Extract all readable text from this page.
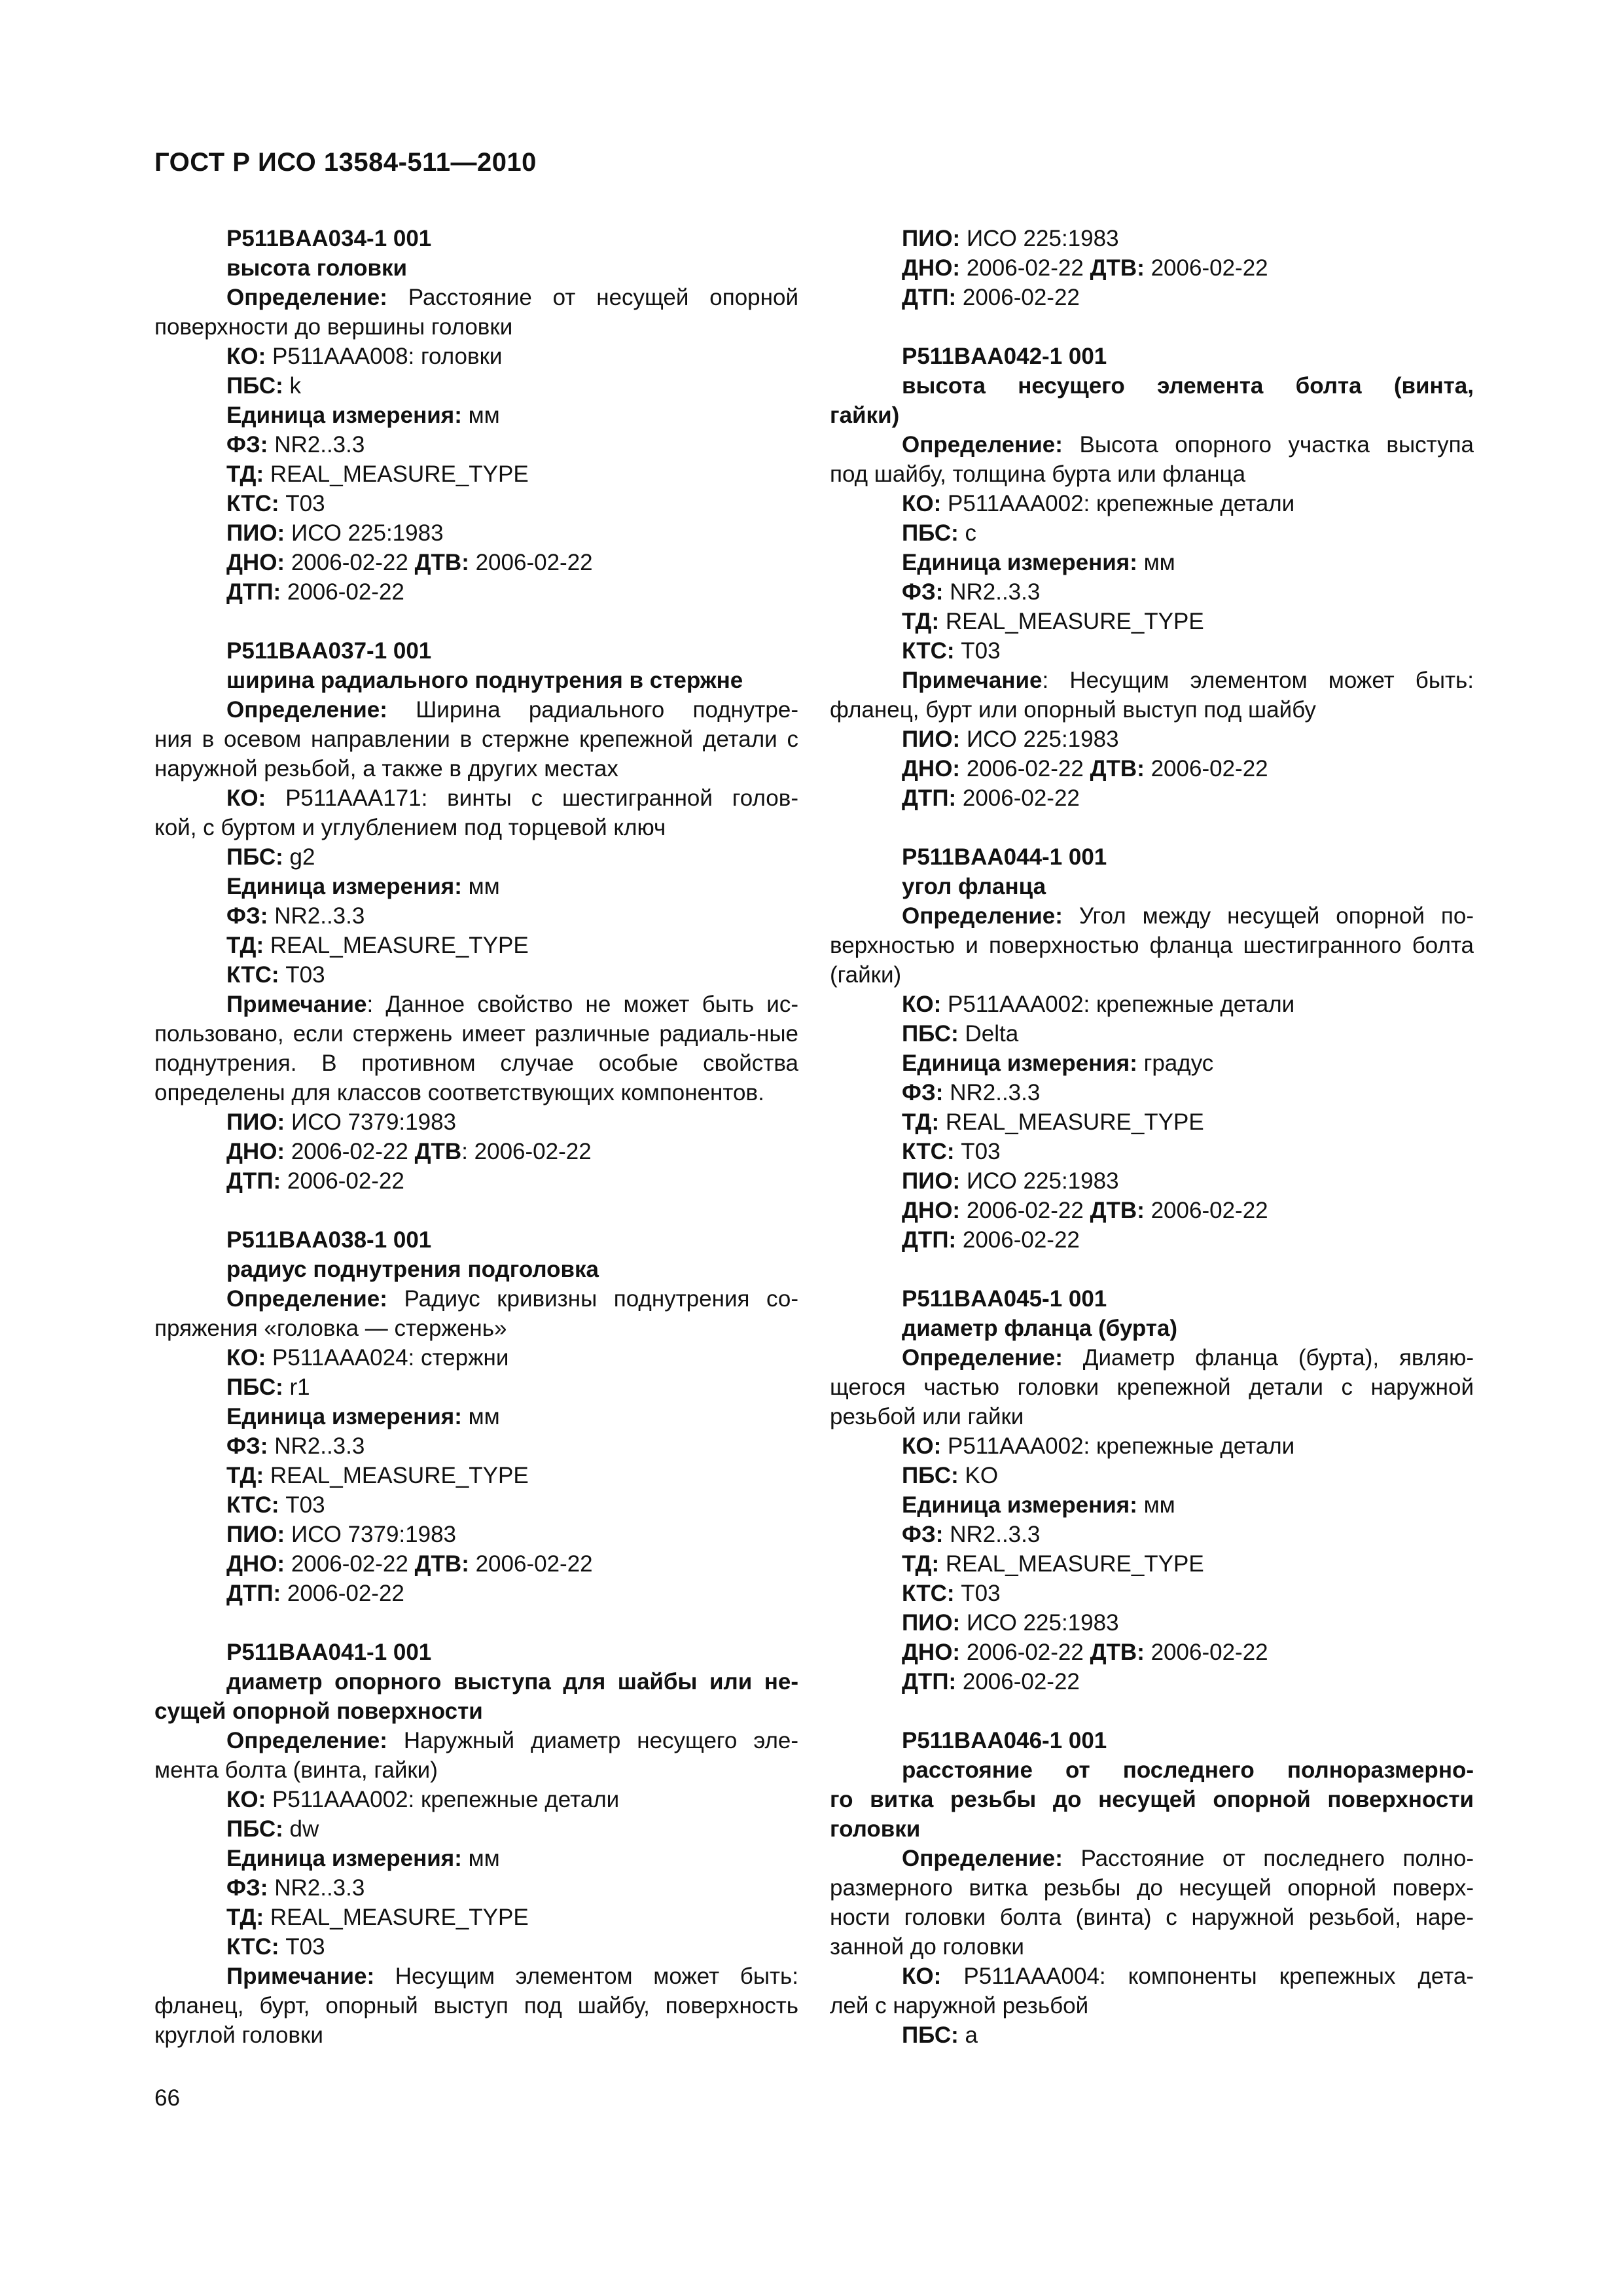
ГОСТ Р ИСО 13584-511—2010
P511BAA034-1 001
высота головки
Определение: Расстояние от несущей опорной
поверхности до вершины головки
КО: P511AAA008: головки
ПБС: k
Единица измерения: мм
ФЗ: NR2..3.3
ТД: REAL_MEASURE_TYPE
КТС: T03
ПИО: ИСО 225:1983
ДНО: 2006-02-22 ДТВ: 2006-02-22
ДТП: 2006-02-22
P511BAA037-1 001
ширина радиального поднутрения в стержне
Определение: Ширина радиального поднутре-
ния в осевом направлении в стержне крепежной детали с наружной резьбой, а также в других местах
КО: P511AAA171: винты с шестигранной голов-
кой, с буртом и углублением под торцевой ключ
ПБС: g2
Единица измерения: мм
ФЗ: NR2..3.3
ТД: REAL_MEASURE_TYPE
КТС: T03
Примечание: Данное свойство не может быть ис-
пользовано, если стержень имеет различные радиаль-ные поднутрения. В противном случае особые свойства определены для классов соответствующих компонентов.
ПИО: ИСО 7379:1983
ДНО: 2006-02-22 ДТВ: 2006-02-22
ДТП: 2006-02-22
P511BAA038-1 001
радиус поднутрения подголовка
Определение: Радиус кривизны поднутрения со-
пряжения «головка — стержень»
КО: P511AAA024: стержни
ПБС: r1
Единица измерения: мм
ФЗ: NR2..3.3
ТД: REAL_MEASURE_TYPE
КТС: T03
ПИО: ИСО 7379:1983
ДНО: 2006-02-22 ДТВ: 2006-02-22
ДТП: 2006-02-22
P511BAA041-1 001
диаметр опорного выступа для шайбы или не-
сущей опорной поверхности
Определение: Наружный диаметр несущего эле-
мента болта (винта, гайки)
КО: P511AAA002: крепежные детали
ПБС: dw
Единица измерения: мм
ФЗ: NR2..3.3
ТД: REAL_MEASURE_TYPE
КТС: T03
Примечание: Несущим элементом может быть:
фланец, бурт, опорный выступ под шайбу, поверхность круглой головки
ПИО: ИСО 225:1983
ДНО: 2006-02-22 ДТВ: 2006-02-22
ДТП: 2006-02-22
P511BAA042-1 001
высота несущего элемента болта (винта,
гайки)
Определение: Высота опорного участка выступа
под шайбу, толщина бурта или фланца
КО: P511AAA002: крепежные детали
ПБС: c
Единица измерения: мм
ФЗ: NR2..3.3
ТД: REAL_MEASURE_TYPE
КТС: T03
Примечание: Несущим элементом может быть:
фланец, бурт или опорный выступ под шайбу
ПИО: ИСО 225:1983
ДНО: 2006-02-22 ДТВ: 2006-02-22
ДТП: 2006-02-22
P511BAA044-1 001
угол фланца
Определение: Угол между несущей опорной по-
верхностью и поверхностью фланца шестигранного болта (гайки)
КО: P511AAA002: крепежные детали
ПБС: Delta
Единица измерения: градус
ФЗ: NR2..3.3
ТД: REAL_MEASURE_TYPE
КТС: T03
ПИО: ИСО 225:1983
ДНО: 2006-02-22 ДТВ: 2006-02-22
ДТП: 2006-02-22
P511BAA045-1 001
диаметр фланца (бурта)
Определение: Диаметр фланца (бурта), являю-
щегося частью головки крепежной детали с наружной резьбой или гайки
КО: P511AAA002: крепежные детали
ПБС: KO
Единица измерения: мм
ФЗ: NR2..3.3
ТД: REAL_MEASURE_TYPE
КТС: T03
ПИО: ИСО 225:1983
ДНО: 2006-02-22 ДТВ: 2006-02-22
ДТП: 2006-02-22
P511BAA046-1 001
расстояние от последнего полноразмерно-
го витка резьбы до несущей опорной поверхности головки
Определение: Расстояние от последнего полно-
размерного витка резьбы до несущей опорной поверх-ности головки болта (винта) с наружной резьбой, наре-занной до головки
КО: P511AAA004: компоненты крепежных дета-
лей с наружной резьбой
ПБС: a
66
